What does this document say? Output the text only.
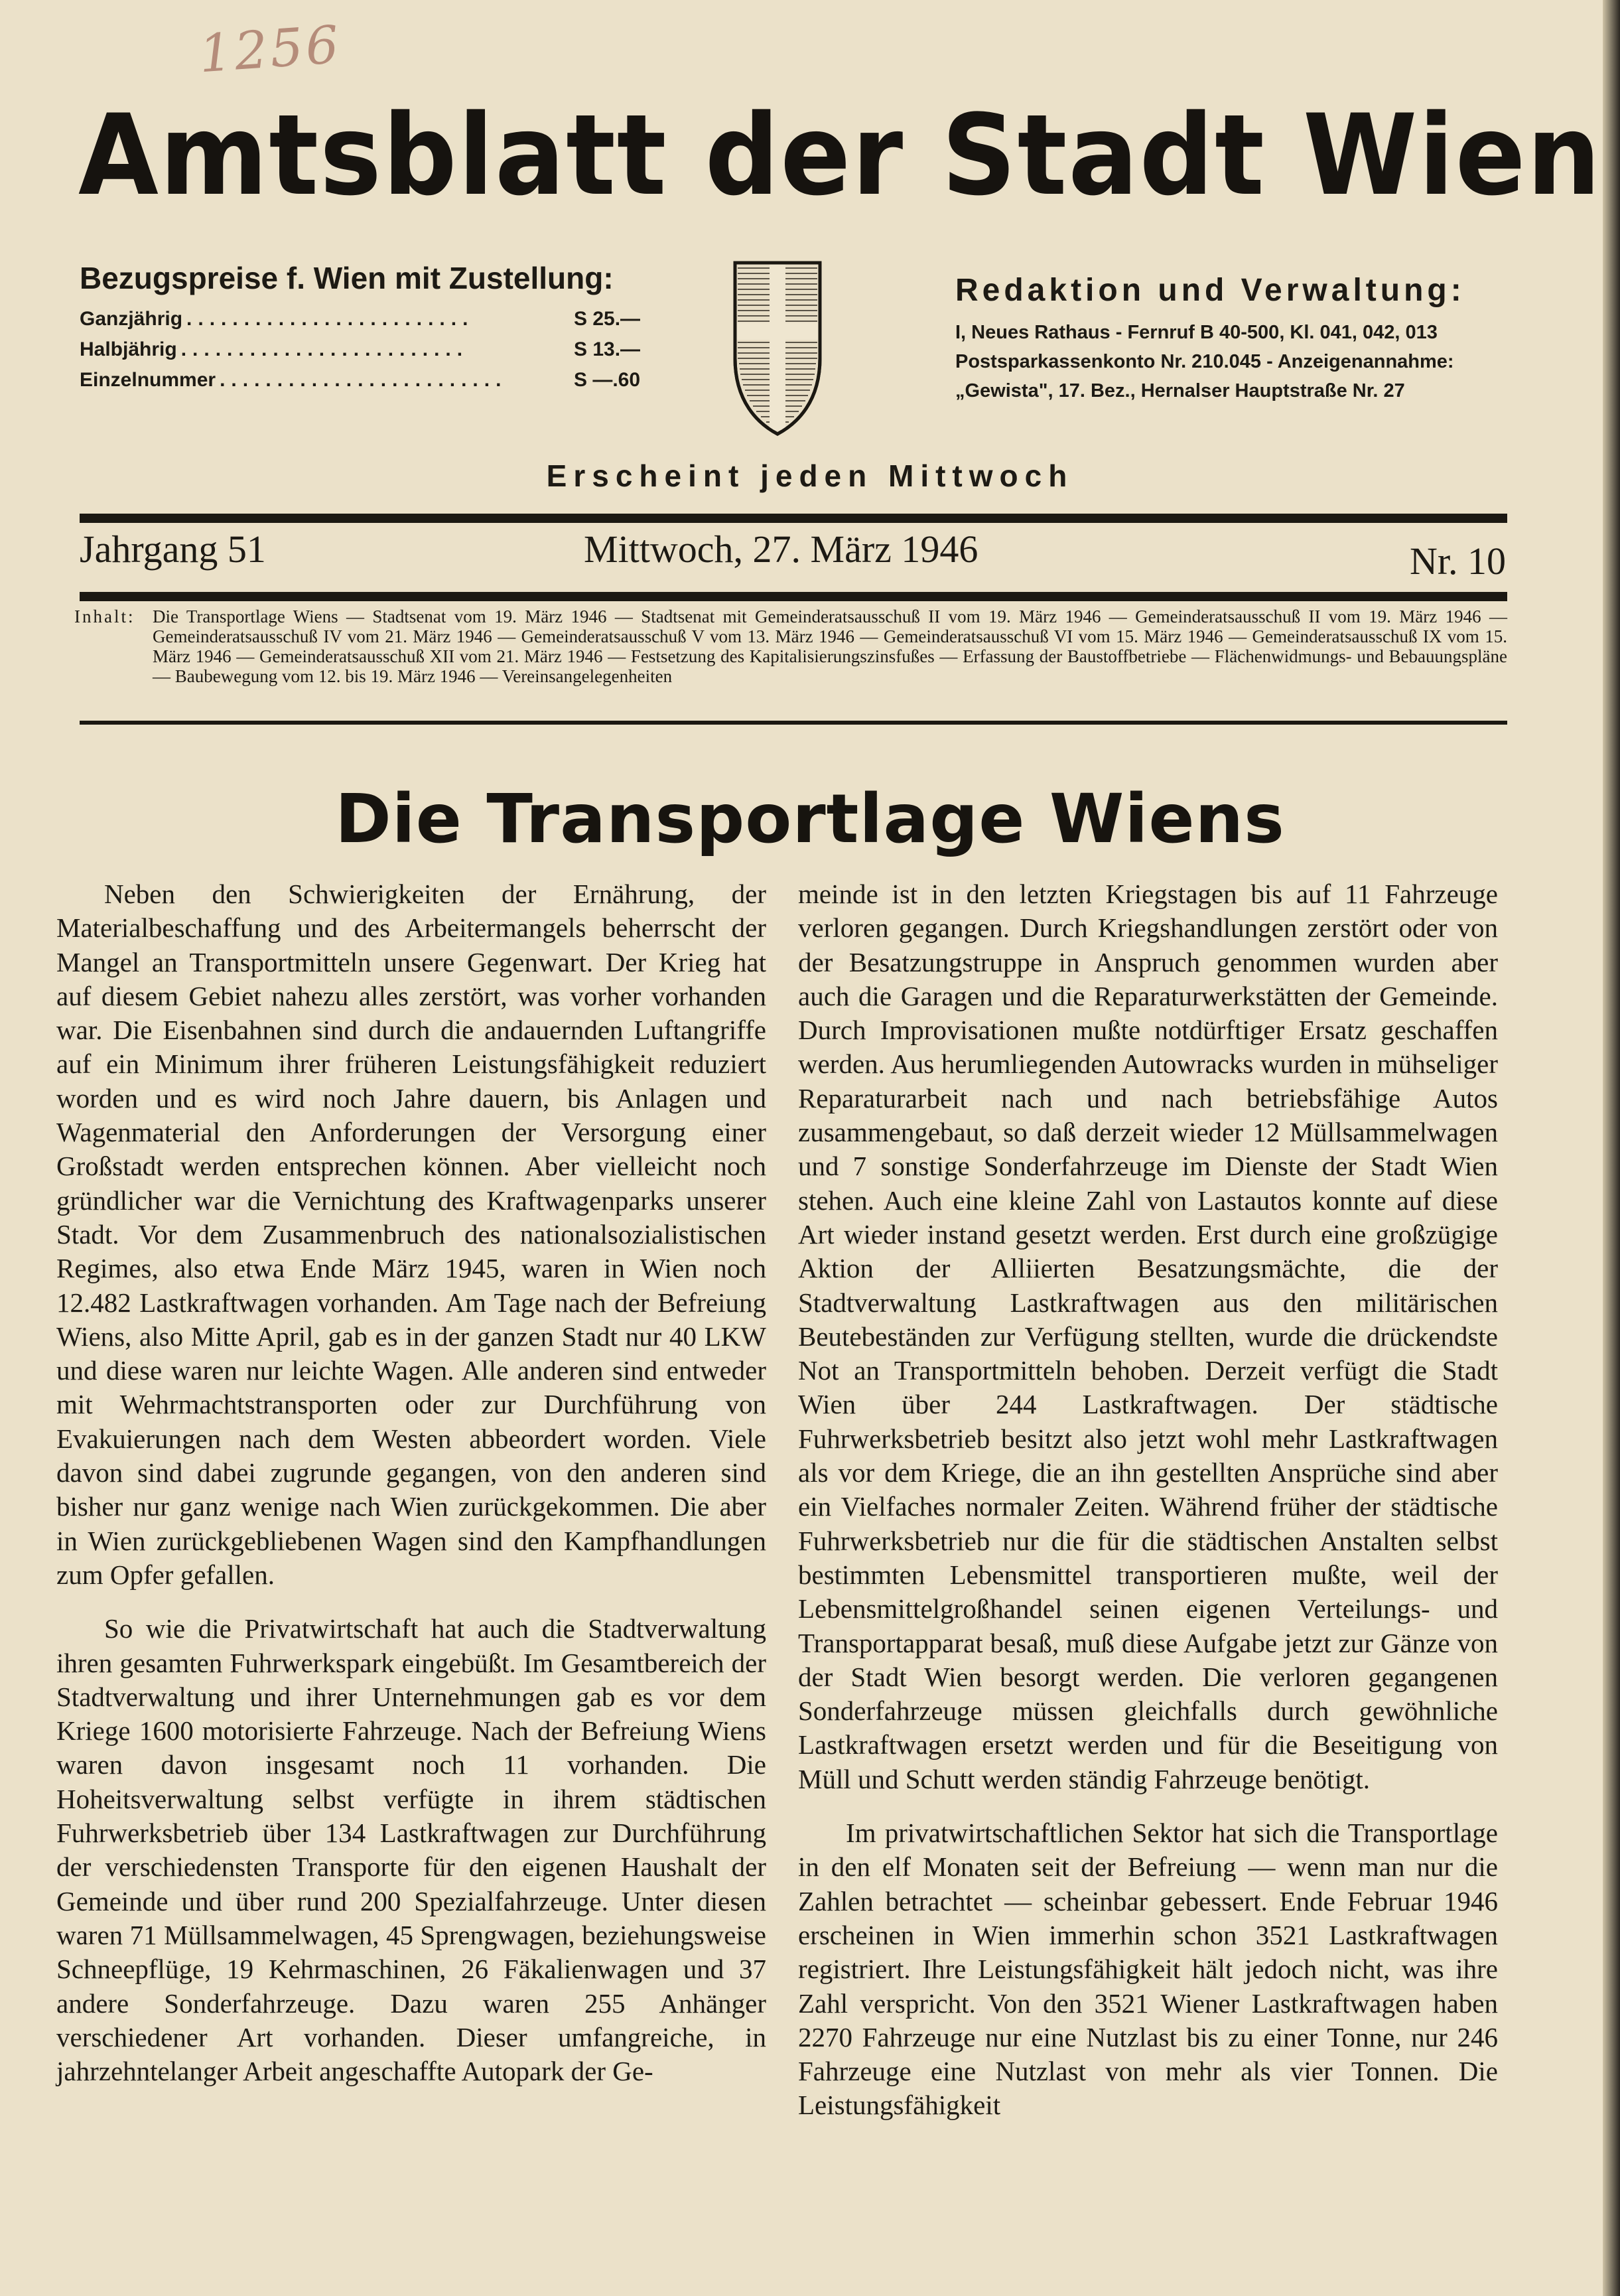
1256
Amtsblatt der Stadt Wien
Bezugspreise f. Wien mit Zustellung:
Ganzjährig .........................	S 25.—
Halbjährig .........................	S 13.—
Einzelnummer .........................	S —.60
Redaktion und Verwaltung:
I, Neues Rathaus - Fernruf B 40-500, Kl. 041, 042, 013
Postsparkassenkonto Nr. 210.045 - Anzeigenannahme:
„Gewista", 17. Bez., Hernalser Hauptstraße Nr. 27
Erscheint jeden Mittwoch
Jahrgang 51	Mittwoch, 27. März 1946	Nr. 10
Inhalt: Die Transportlage Wiens — Stadtsenat vom 19. März 1946 — Stadtsenat mit Gemeinderatsausschuß II vom 19. März 1946 — Gemeinderatsausschuß II vom 19. März 1946 — Gemeinderatsausschuß IV vom 21. März 1946 — Gemeinderatsausschuß V vom 13. März 1946 — Gemeinderatsausschuß VI vom 15. März 1946 — Gemeinderatsausschuß IX vom 15. März 1946 — Gemeinderatsausschuß XII vom 21. März 1946 — Festsetzung des Kapitalisierungszinsfußes — Erfassung der Baustoffbetriebe — Flächenwidmungs- und Bebauungspläne — Baubewegung vom 12. bis 19. März 1946 — Vereinsangelegenheiten
Die Transportlage Wiens

Neben den Schwierigkeiten der Ernährung, der Materialbeschaffung und des Arbeitermangels beherrscht der Mangel an Transportmitteln unsere Gegenwart. Der Krieg hat auf diesem Gebiet nahezu alles zerstört, was vorher vorhanden war. Die Eisenbahnen sind durch die andauernden Luftangriffe auf ein Minimum ihrer früheren Leistungsfähigkeit reduziert worden und es wird noch Jahre dauern, bis Anlagen und Wagenmaterial den Anforderungen der Versorgung einer Großstadt werden entsprechen können. Aber vielleicht noch gründlicher war die Vernichtung des Kraftwagenparks unserer Stadt. Vor dem Zusammenbruch des nationalsozialistischen Regimes, also etwa Ende März 1945, waren in Wien noch 12.482 Lastkraftwagen vorhanden. Am Tage nach der Befreiung Wiens, also Mitte April, gab es in der ganzen Stadt nur 40 LKW und diese waren nur leichte Wagen. Alle anderen sind entweder mit Wehrmachtstransporten oder zur Durchführung von Evakuierungen nach dem Westen abbeordert worden. Viele davon sind dabei zugrunde gegangen, von den anderen sind bisher nur ganz wenige nach Wien zurückgekommen. Die aber in Wien zurückgebliebenen Wagen sind den Kampfhandlungen zum Opfer gefallen.

So wie die Privatwirtschaft hat auch die Stadtverwaltung ihren gesamten Fuhrwerkspark eingebüßt. Im Gesamtbereich der Stadtverwaltung und ihrer Unternehmungen gab es vor dem Kriege 1600 motorisierte Fahrzeuge. Nach der Befreiung Wiens waren davon insgesamt noch 11 vorhanden. Die Hoheitsverwaltung selbst verfügte in ihrem städtischen Fuhrwerksbetrieb über 134 Lastkraftwagen zur Durchführung der verschiedensten Transporte für den eigenen Haushalt der Gemeinde und über rund 200 Spezialfahrzeuge. Unter diesen waren 71 Müllsammelwagen, 45 Sprengwagen, beziehungsweise Schneepflüge, 19 Kehrmaschinen, 26 Fäkalienwagen und 37 andere Sonderfahrzeuge. Dazu waren 255 Anhänger verschiedener Art vorhanden. Dieser umfangreiche, in jahrzehntelanger Arbeit angeschaffte Autopark der Ge-

meinde ist in den letzten Kriegstagen bis auf 11 Fahrzeuge verloren gegangen. Durch Kriegshandlungen zerstört oder von der Besatzungstruppe in Anspruch genommen wurden aber auch die Garagen und die Reparaturwerkstätten der Gemeinde. Durch Improvisationen mußte notdürftiger Ersatz geschaffen werden. Aus herumliegenden Autowracks wurden in mühseliger Reparaturarbeit nach und nach betriebsfähige Autos zusammengebaut, so daß derzeit wieder 12 Müllsammelwagen und 7 sonstige Sonderfahrzeuge im Dienste der Stadt Wien stehen. Auch eine kleine Zahl von Lastautos konnte auf diese Art wieder instand gesetzt werden. Erst durch eine großzügige Aktion der Alliierten Besatzungsmächte, die der Stadtverwaltung Lastkraftwagen aus den militärischen Beutebeständen zur Verfügung stellten, wurde die drückendste Not an Transportmitteln behoben. Derzeit verfügt die Stadt Wien über 244 Lastkraftwagen. Der städtische Fuhrwerksbetrieb besitzt also jetzt wohl mehr Lastkraftwagen als vor dem Kriege, die an ihn gestellten Ansprüche sind aber ein Vielfaches normaler Zeiten. Während früher der städtische Fuhrwerksbetrieb nur die für die städtischen Anstalten selbst bestimmten Lebensmittel transportieren mußte, weil der Lebensmittelgroßhandel seinen eigenen Verteilungs- und Transportapparat besaß, muß diese Aufgabe jetzt zur Gänze von der Stadt Wien besorgt werden. Die verloren gegangenen Sonderfahrzeuge müssen gleichfalls durch gewöhnliche Lastkraftwagen ersetzt werden und für die Beseitigung von Müll und Schutt werden ständig Fahrzeuge benötigt.

Im privatwirtschaftlichen Sektor hat sich die Transportlage in den elf Monaten seit der Befreiung — wenn man nur die Zahlen betrachtet — scheinbar gebessert. Ende Februar 1946 erscheinen in Wien immerhin schon 3521 Lastkraftwagen registriert. Ihre Leistungsfähigkeit hält jedoch nicht, was ihre Zahl verspricht. Von den 3521 Wiener Lastkraftwagen haben 2270 Fahrzeuge nur eine Nutzlast bis zu einer Tonne, nur 246 Fahrzeuge eine Nutzlast von mehr als vier Tonnen. Die Leistungsfähigkeit
